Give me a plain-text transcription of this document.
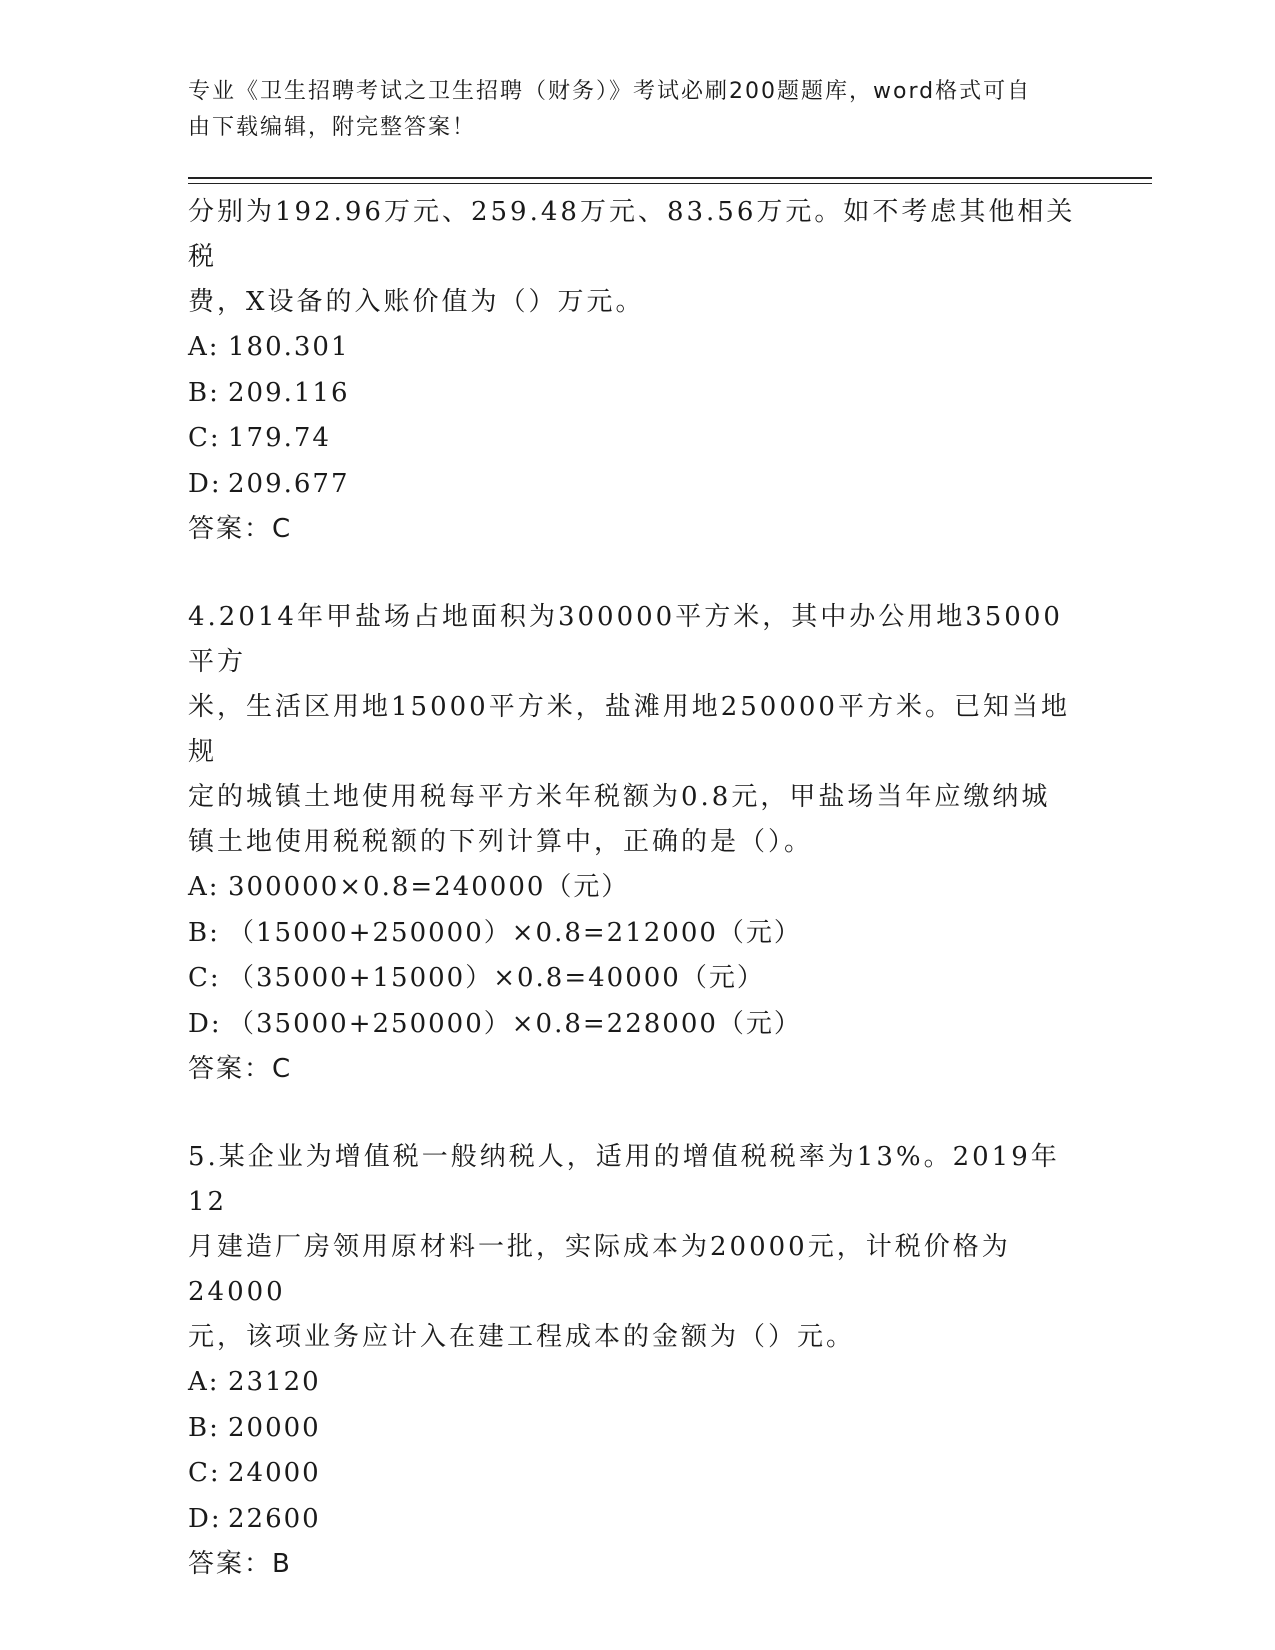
专业《卫生招聘考试之卫生招聘（财务）》考试必刷200题题库，word格式可自
由下载编辑，附完整答案！

分别为192.96万元、259.48万元、83.56万元。如不考虑其他相关税

费，X设备的入账价值为（）万元。

A: 180.301

B: 209.116

C: 179.74

D: 209.677

答案：C

4.2014年甲盐场占地面积为300000平方米，其中办公用地35000平方

米，生活区用地15000平方米，盐滩用地250000平方米。已知当地规

定的城镇土地使用税每平方米年税额为0.8元，甲盐场当年应缴纳城

镇土地使用税税额的下列计算中，正确的是（）。

A: 300000×0.8=240000（元）

B: （15000+250000）×0.8=212000（元）

C: （35000+15000）×0.8=40000（元）

D: （35000+250000）×0.8=228000（元）

答案：C

5.某企业为增值税一般纳税人，适用的增值税税率为13%。2019年12

月建造厂房领用原材料一批，实际成本为20000元，计税价格为24000

元，该项业务应计入在建工程成本的金额为（）元。

A: 23120

B: 20000

C: 24000

D: 22600

答案：B
